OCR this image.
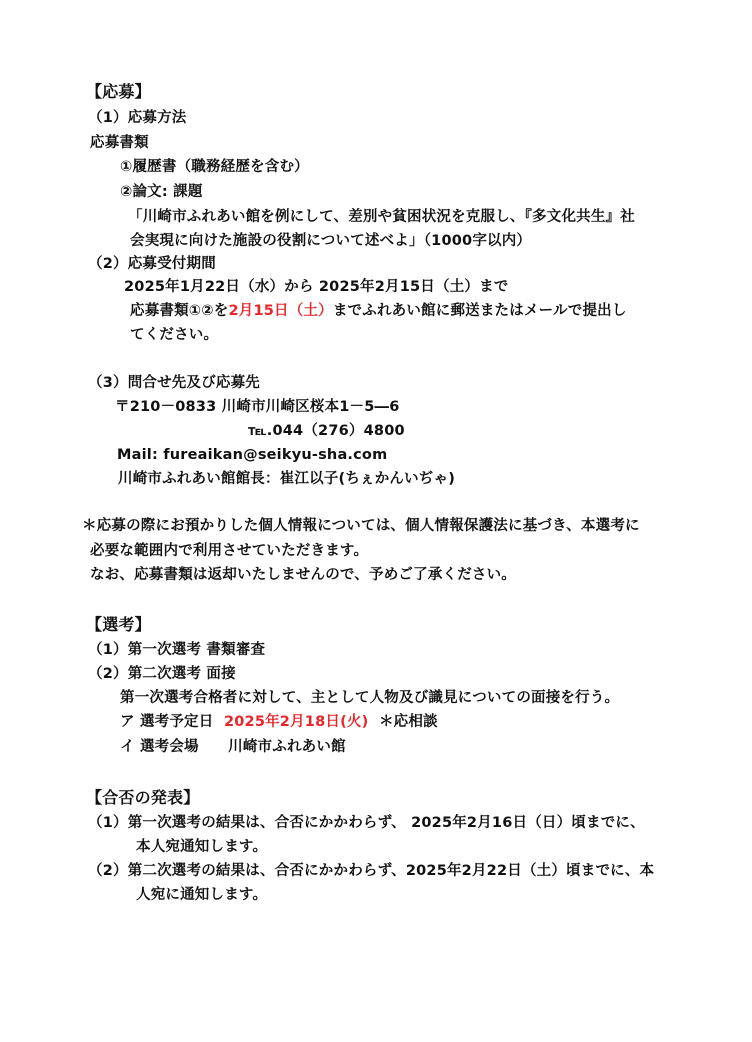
【応募】
（1）応募方法
応募書類
①履歴書（職務経歴を含む）
②論文: 課題
「川崎市ふれあい館を例にして、差別や貧困状況を克服し、『多文化共生』社
会実現に向けた施設の役割について述べよ」（1000字以内）
（2）応募受付期間
2025年1月22日（水）から 2025年2月15日（土）まで
応募書類①②を2月15日（土）までふれあい館に郵送またはメールで提出し
てください。
（3）問合せ先及び応募先
〒210－0833 川崎市川崎区桜本1－5―6
℡.044（276）4800
Mail: fureaikan@seikyu-sha.com
川崎市ふれあい館館長：崔江以子(ちぇかんいぢゃ)
＊応募の際にお預かりした個人情報については、個人情報保護法に基づき、本選考に
必要な範囲内で利用させていただきます。
なお、応募書類は返却いたしませんので、予めご了承ください。
【選考】
（1）第一次選考 書類審査
（2）第二次選考 面接
第一次選考合格者に対して、主として人物及び識見についての面接を行う。
ア 選考予定日 2025年2月18日(火) ＊応相談
イ 選考会場　　川崎市ふれあい館
【合否の発表】
（1）第一次選考の結果は、合否にかかわらず、 2025年2月16日（日）頃までに、
本人宛通知します。
（2）第二次選考の結果は、合否にかかわらず、2025年2月22日（土）頃までに、本
人宛に通知します。
